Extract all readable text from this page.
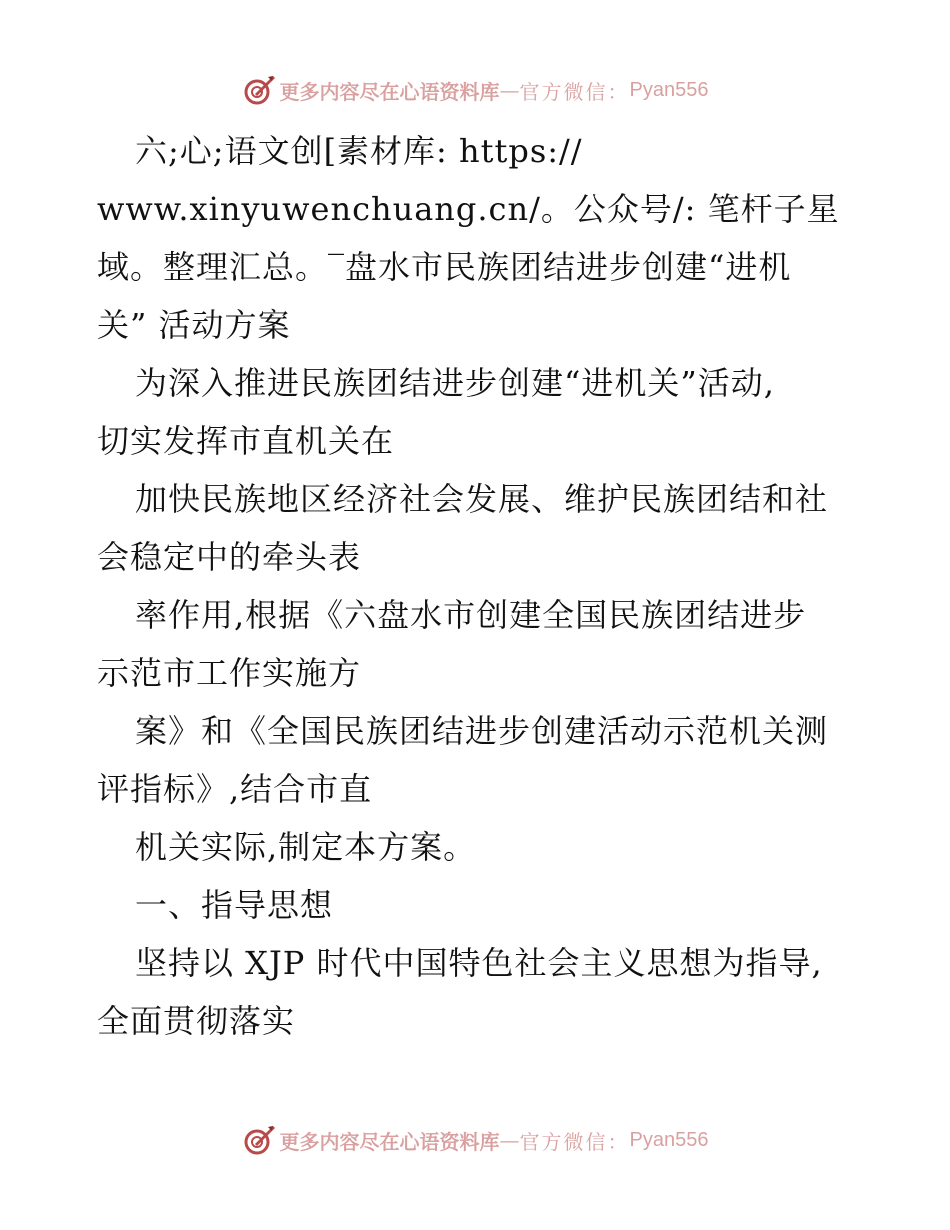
更多内容尽在心语资料库 — 官方微信： Pyan556
六;心;语文创[素材库: https://
www.xinyuwenchuang.cn/。公众号/: 笔杆子星
域。整理汇总。‾盘水市民族团结进步创建“进机
关” 活动方案
为深入推进民族团结进步创建“进机关”活动,
切实发挥市直机关在
加快民族地区经济社会发展、维护民族团结和社
会稳定中的牵头表
率作用,根据《六盘水市创建全国民族团结进步
示范市工作实施方
案》和《全国民族团结进步创建活动示范机关测
评指标》,结合市直
机关实际,制定本方案。
一、指导思想
坚持以 XJP 时代中国特色社会主义思想为指导,
全面贯彻落实
更多内容尽在心语资料库 — 官方微信： Pyan556
